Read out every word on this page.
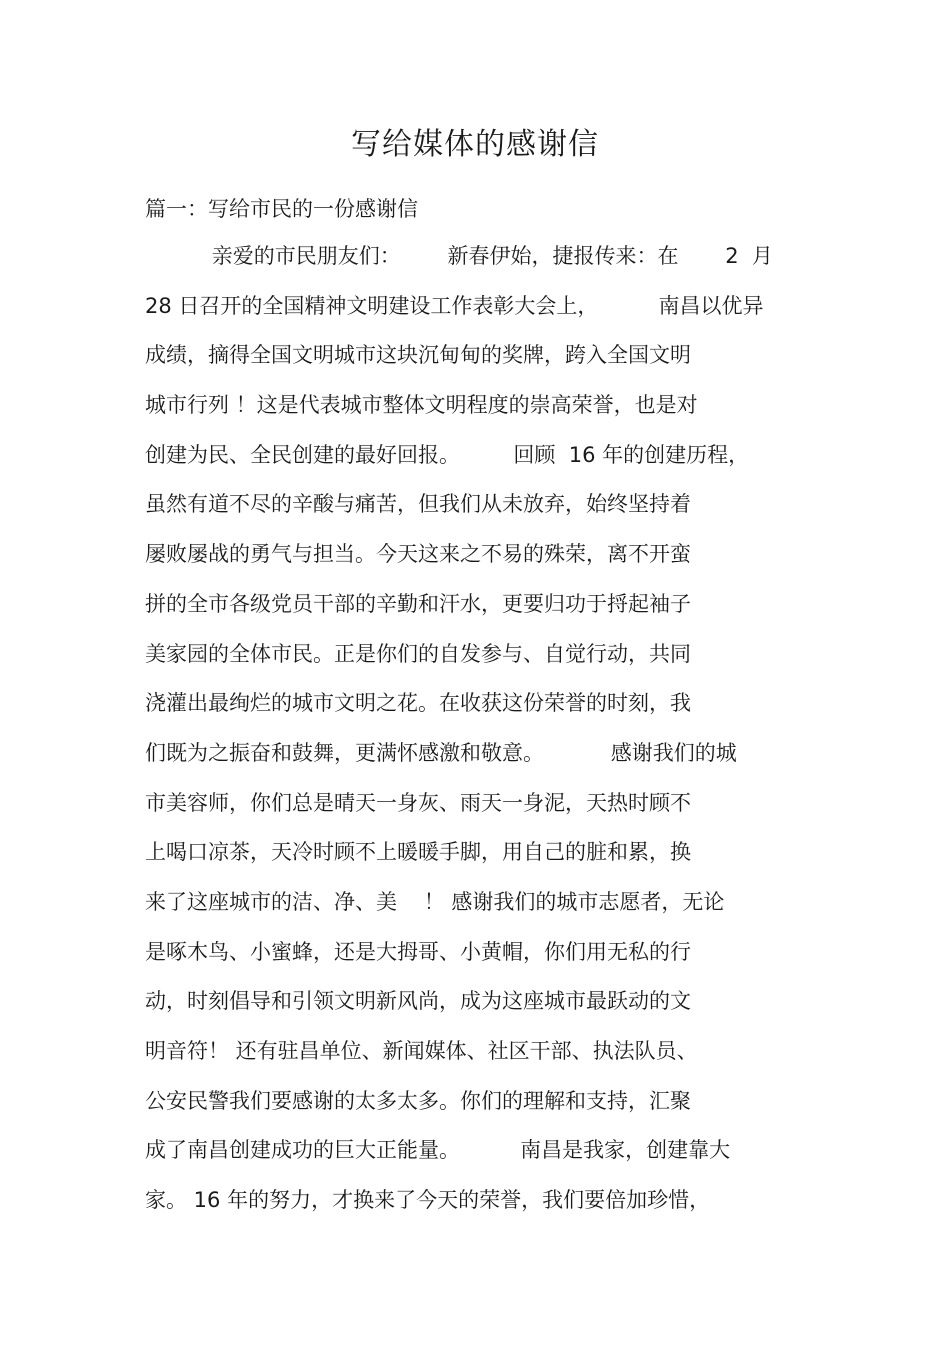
写给媒体的感谢信
篇一：写给市民的一份感谢信
亲爱的市民朋友们：       新春伊始，捷报传来：在       2  月
28 日召开的全国精神文明建设工作表彰大会上，         南昌以优异
成绩，摘得全国文明城市这块沉甸甸的奖牌，跨入全国文明
城市行列 ！这是代表城市整体文明程度的崇高荣誉，也是对
创建为民、全民创建的最好回报。        回顾  16 年的创建历程，
虽然有道不尽的辛酸与痛苦，但我们从未放弃，始终坚持着
屡败屡战的勇气与担当。今天这来之不易的殊荣，离不开蛮
拼的全市各级党员干部的辛勤和汗水，更要归功于捋起袖子
美家园的全体市民。正是你们的自发参与、自觉行动，共同
浇灌出最绚烂的城市文明之花。在收获这份荣誉的时刻，我
们既为之振奋和鼓舞，更满怀感激和敬意。          感谢我们的城
市美容师，你们总是晴天一身灰、雨天一身泥，天热时顾不
上喝口凉茶，天冷时顾不上暖暖手脚，用自己的脏和累，换
来了这座城市的洁、净、美    ！ 感谢我们的城市志愿者，无论
是啄木鸟、小蜜蜂，还是大拇哥、小黄帽，你们用无私的行
动，时刻倡导和引领文明新风尚，成为这座城市最跃动的文
明音符！ 还有驻昌单位、新闻媒体、社区干部、执法队员、
公安民警我们要感谢的太多太多。你们的理解和支持，汇聚
成了南昌创建成功的巨大正能量。         南昌是我家，创建靠大
家。 16 年的努力，才换来了今天的荣誉，我们要倍加珍惜，
